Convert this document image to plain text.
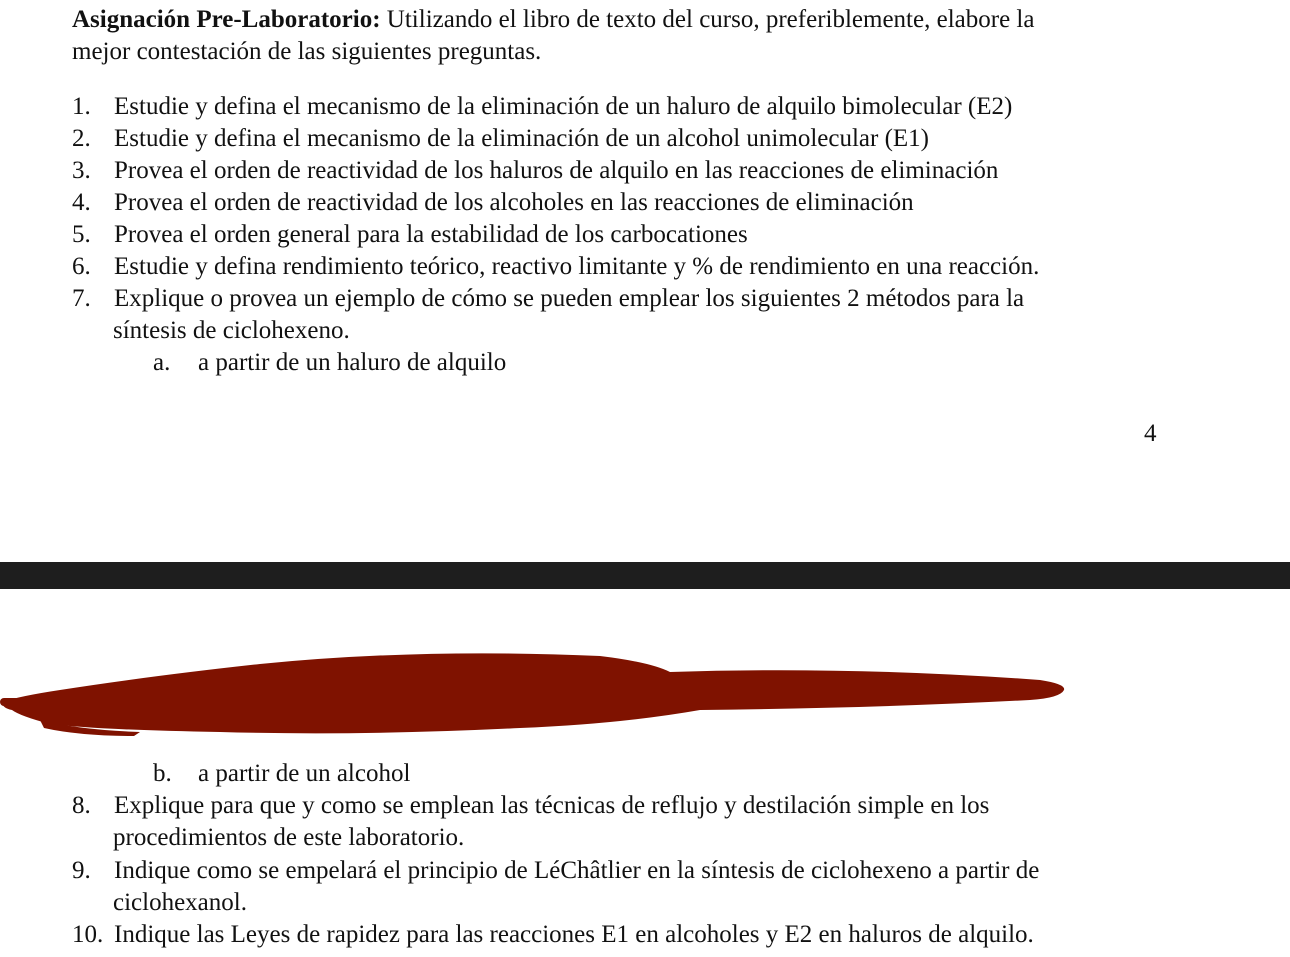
Asignación Pre-Laboratorio: Utilizando el libro de texto del curso, preferiblemente, elabore la
mejor contestación de las siguientes preguntas.
1. Estudie y defina el mecanismo de la eliminación de un haluro de alquilo bimolecular (E2)
2. Estudie y defina el mecanismo de la eliminación de un alcohol unimolecular (E1)
3. Provea el orden de reactividad de los haluros de alquilo en las reacciones de eliminación
4. Provea el orden de reactividad de los alcoholes en las reacciones de eliminación
5. Provea el orden general para la estabilidad de los carbocationes
6. Estudie y defina rendimiento teórico, reactivo limitante y % de rendimiento en una reacción.
7. Explique o provea un ejemplo de cómo se pueden emplear los siguientes 2 métodos para la
síntesis de ciclohexeno.
a. a partir de un haluro de alquilo
4
b. a partir de un alcohol
8. Explique para que y como se emplean las técnicas de reflujo y destilación simple en los
procedimientos de este laboratorio.
9. Indique como se empelará el principio de LéChâtlier en la síntesis de ciclohexeno a partir de
ciclohexanol.
10. Indique las Leyes de rapidez para las reacciones E1 en alcoholes y E2 en haluros de alquilo.
